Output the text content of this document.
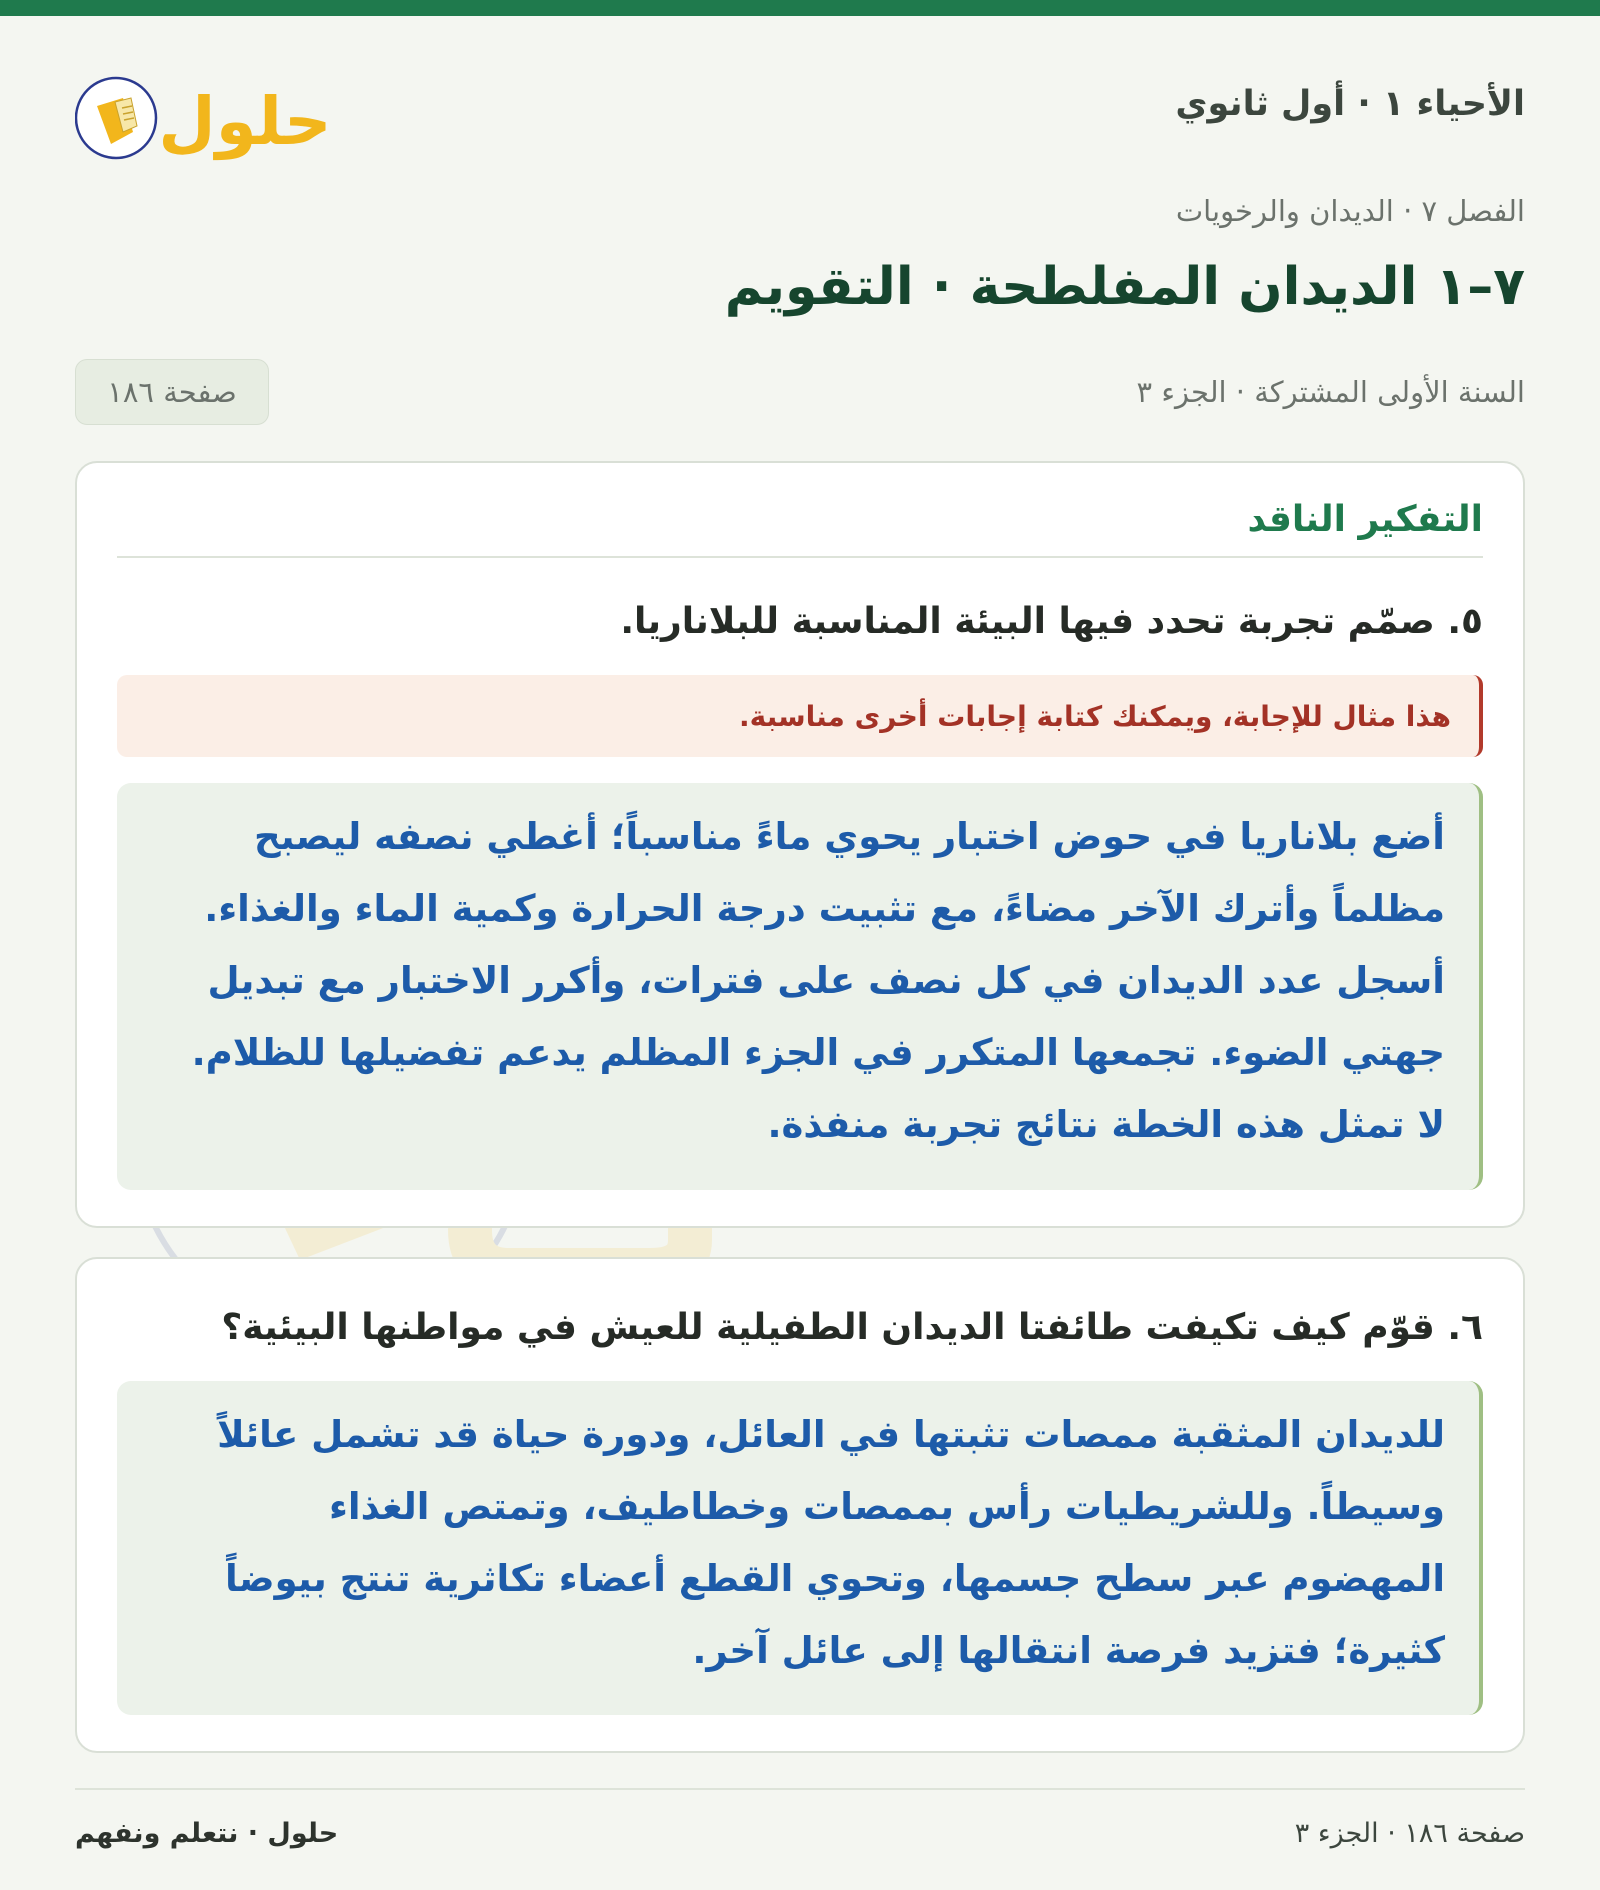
الأحياء ١ · أول ثانوي
حلول
الفصل ٧ · الديدان والرخويات
٧–١ الديدان المفلطحة · التقويم
السنة الأولى المشتركة · الجزء ٣
صفحة ١٨٦
التفكير الناقد
٥. صمّم تجربة تحدد فيها البيئة المناسبة للبلاناريا.
هذا مثال للإجابة، ويمكنك كتابة إجابات أخرى مناسبة.
أضع بلاناريا في حوض اختبار يحوي ماءً مناسباً؛ أغطي نصفه ليصبح
مظلماً وأترك الآخر مضاءً، مع تثبيت درجة الحرارة وكمية الماء والغذاء.
أسجل عدد الديدان في كل نصف على فترات، وأكرر الاختبار مع تبديل
جهتي الضوء. تجمعها المتكرر في الجزء المظلم يدعم تفضيلها للظلام.
لا تمثل هذه الخطة نتائج تجربة منفذة.
٦. قوّم كيف تكيفت طائفتا الديدان الطفيلية للعيش في مواطنها البيئية؟
للديدان المثقبة ممصات تثبتها في العائل، ودورة حياة قد تشمل عائلاً
وسيطاً. وللشريطيات رأس بممصات وخطاطيف، وتمتص الغذاء
المهضوم عبر سطح جسمها، وتحوي القطع أعضاء تكاثرية تنتج بيوضاً
كثيرة؛ فتزيد فرصة انتقالها إلى عائل آخر.
صفحة ١٨٦ · الجزء ٣
حلول · نتعلم ونفهم
